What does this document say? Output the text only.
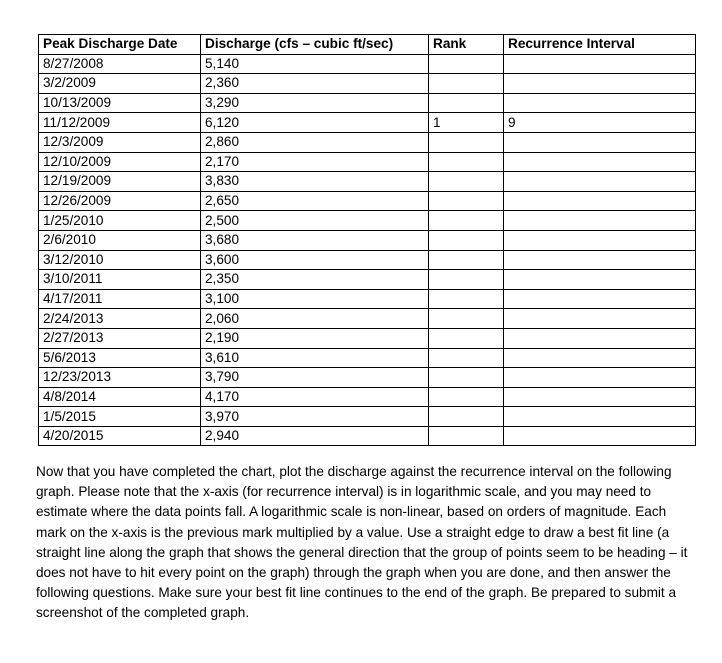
Peak Discharge Date	Discharge (cfs – cubic ft/sec)	Rank	Recurrence Interval
8/27/2008	5,140		
3/2/2009	2,360		
10/13/2009	3,290		
11/12/2009	6,120	1	9
12/3/2009	2,860		
12/10/2009	2,170		
12/19/2009	3,830		
12/26/2009	2,650		
1/25/2010	2,500		
2/6/2010	3,680		
3/12/2010	3,600		
3/10/2011	2,350		
4/17/2011	3,100		
2/24/2013	2,060		
2/27/2013	2,190		
5/6/2013	3,610		
12/23/2013	3,790		
4/8/2014	4,170		
1/5/2015	3,970		
4/20/2015	2,940		

Now that you have completed the chart, plot the discharge against the recurrence interval on the following graph. Please note that the x-axis (for recurrence interval) is in logarithmic scale, and you may need to estimate where the data points fall. A logarithmic scale is non-linear, based on orders of magnitude. Each mark on the x-axis is the previous mark multiplied by a value. Use a straight edge to draw a best fit line (a straight line along the graph that shows the general direction that the group of points seem to be heading – it does not have to hit every point on the graph) through the graph when you are done, and then answer the following questions. Make sure your best fit line continues to the end of the graph. Be prepared to submit a screenshot of the completed graph.
